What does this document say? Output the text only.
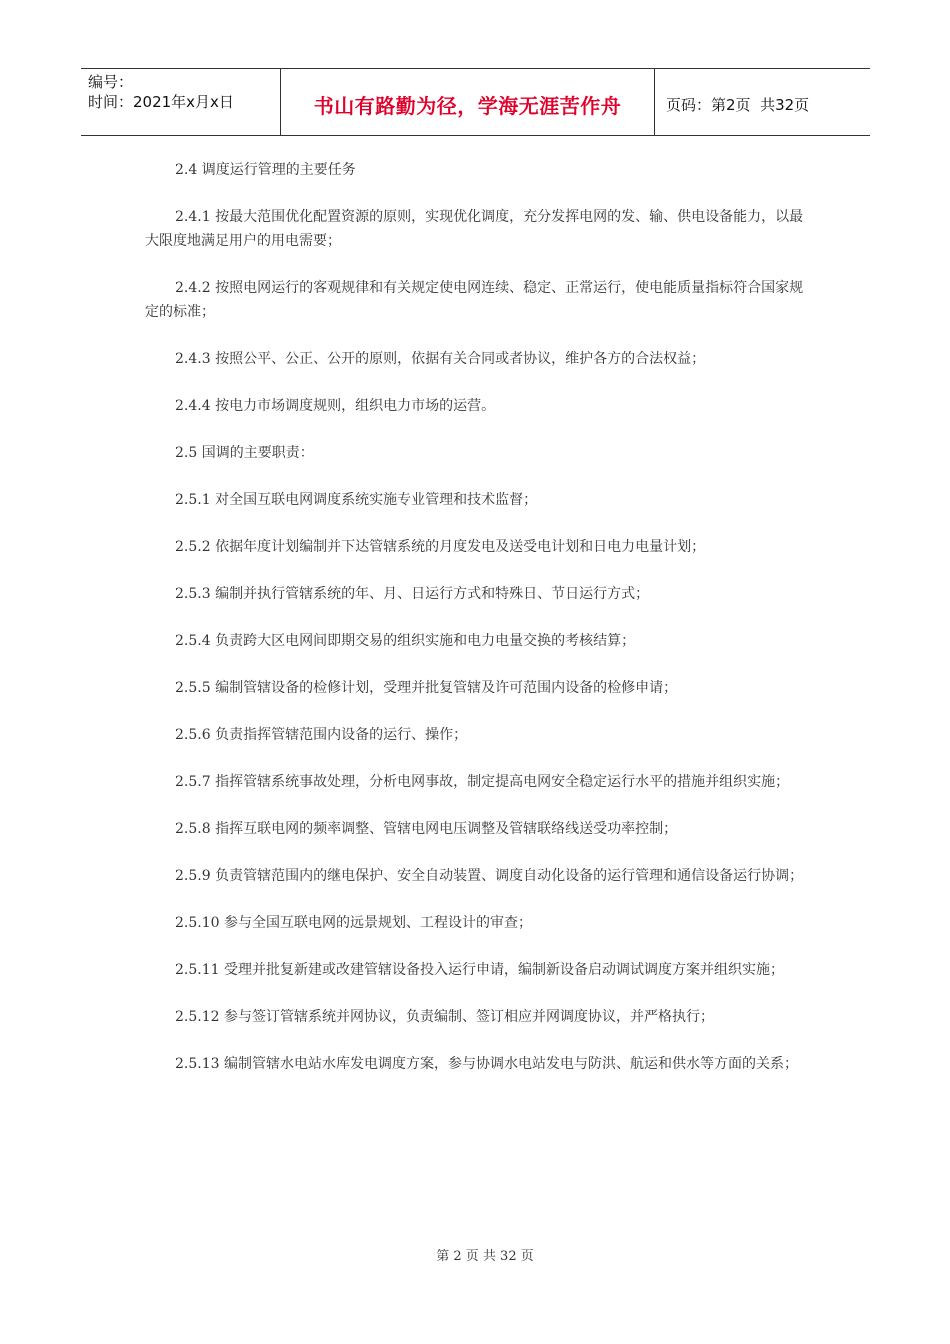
编号：
时间：2021年x月x日	书山有路勤为径，学海无涯苦作舟	页码：第2页  共32页

2.4 调度运行管理的主要任务

2.4.1 按最大范围优化配置资源的原则，实现优化调度，充分发挥电网的发、输、供电设备能力，以最大限度地满足用户的用电需要；

2.4.2 按照电网运行的客观规律和有关规定使电网连续、稳定、正常运行，使电能质量指标符合国家规定的标准；

2.4.3 按照公平、公正、公开的原则，依据有关合同或者协议，维护各方的合法权益；

2.4.4 按电力市场调度规则，组织电力市场的运营。

2.5 国调的主要职责：

2.5.1 对全国互联电网调度系统实施专业管理和技术监督；

2.5.2 依据年度计划编制并下达管辖系统的月度发电及送受电计划和日电力电量计划；

2.5.3 编制并执行管辖系统的年、月、日运行方式和特殊日、节日运行方式；

2.5.4 负责跨大区电网间即期交易的组织实施和电力电量交换的考核结算；

2.5.5 编制管辖设备的检修计划，受理并批复管辖及许可范围内设备的检修申请；

2.5.6 负责指挥管辖范围内设备的运行、操作；

2.5.7 指挥管辖系统事故处理，分析电网事故，制定提高电网安全稳定运行水平的措施并组织实施；

2.5.8 指挥互联电网的频率调整、管辖电网电压调整及管辖联络线送受功率控制；

2.5.9 负责管辖范围内的继电保护、安全自动装置、调度自动化设备的运行管理和通信设备运行协调；

2.5.10 参与全国互联电网的远景规划、工程设计的审查；

2.5.11 受理并批复新建或改建管辖设备投入运行申请，编制新设备启动调试调度方案并组织实施；

2.5.12 参与签订管辖系统并网协议，负责编制、签订相应并网调度协议，并严格执行；

2.5.13 编制管辖水电站水库发电调度方案，参与协调水电站发电与防洪、航运和供水等方面的关系；

第 2 页 共 32 页
